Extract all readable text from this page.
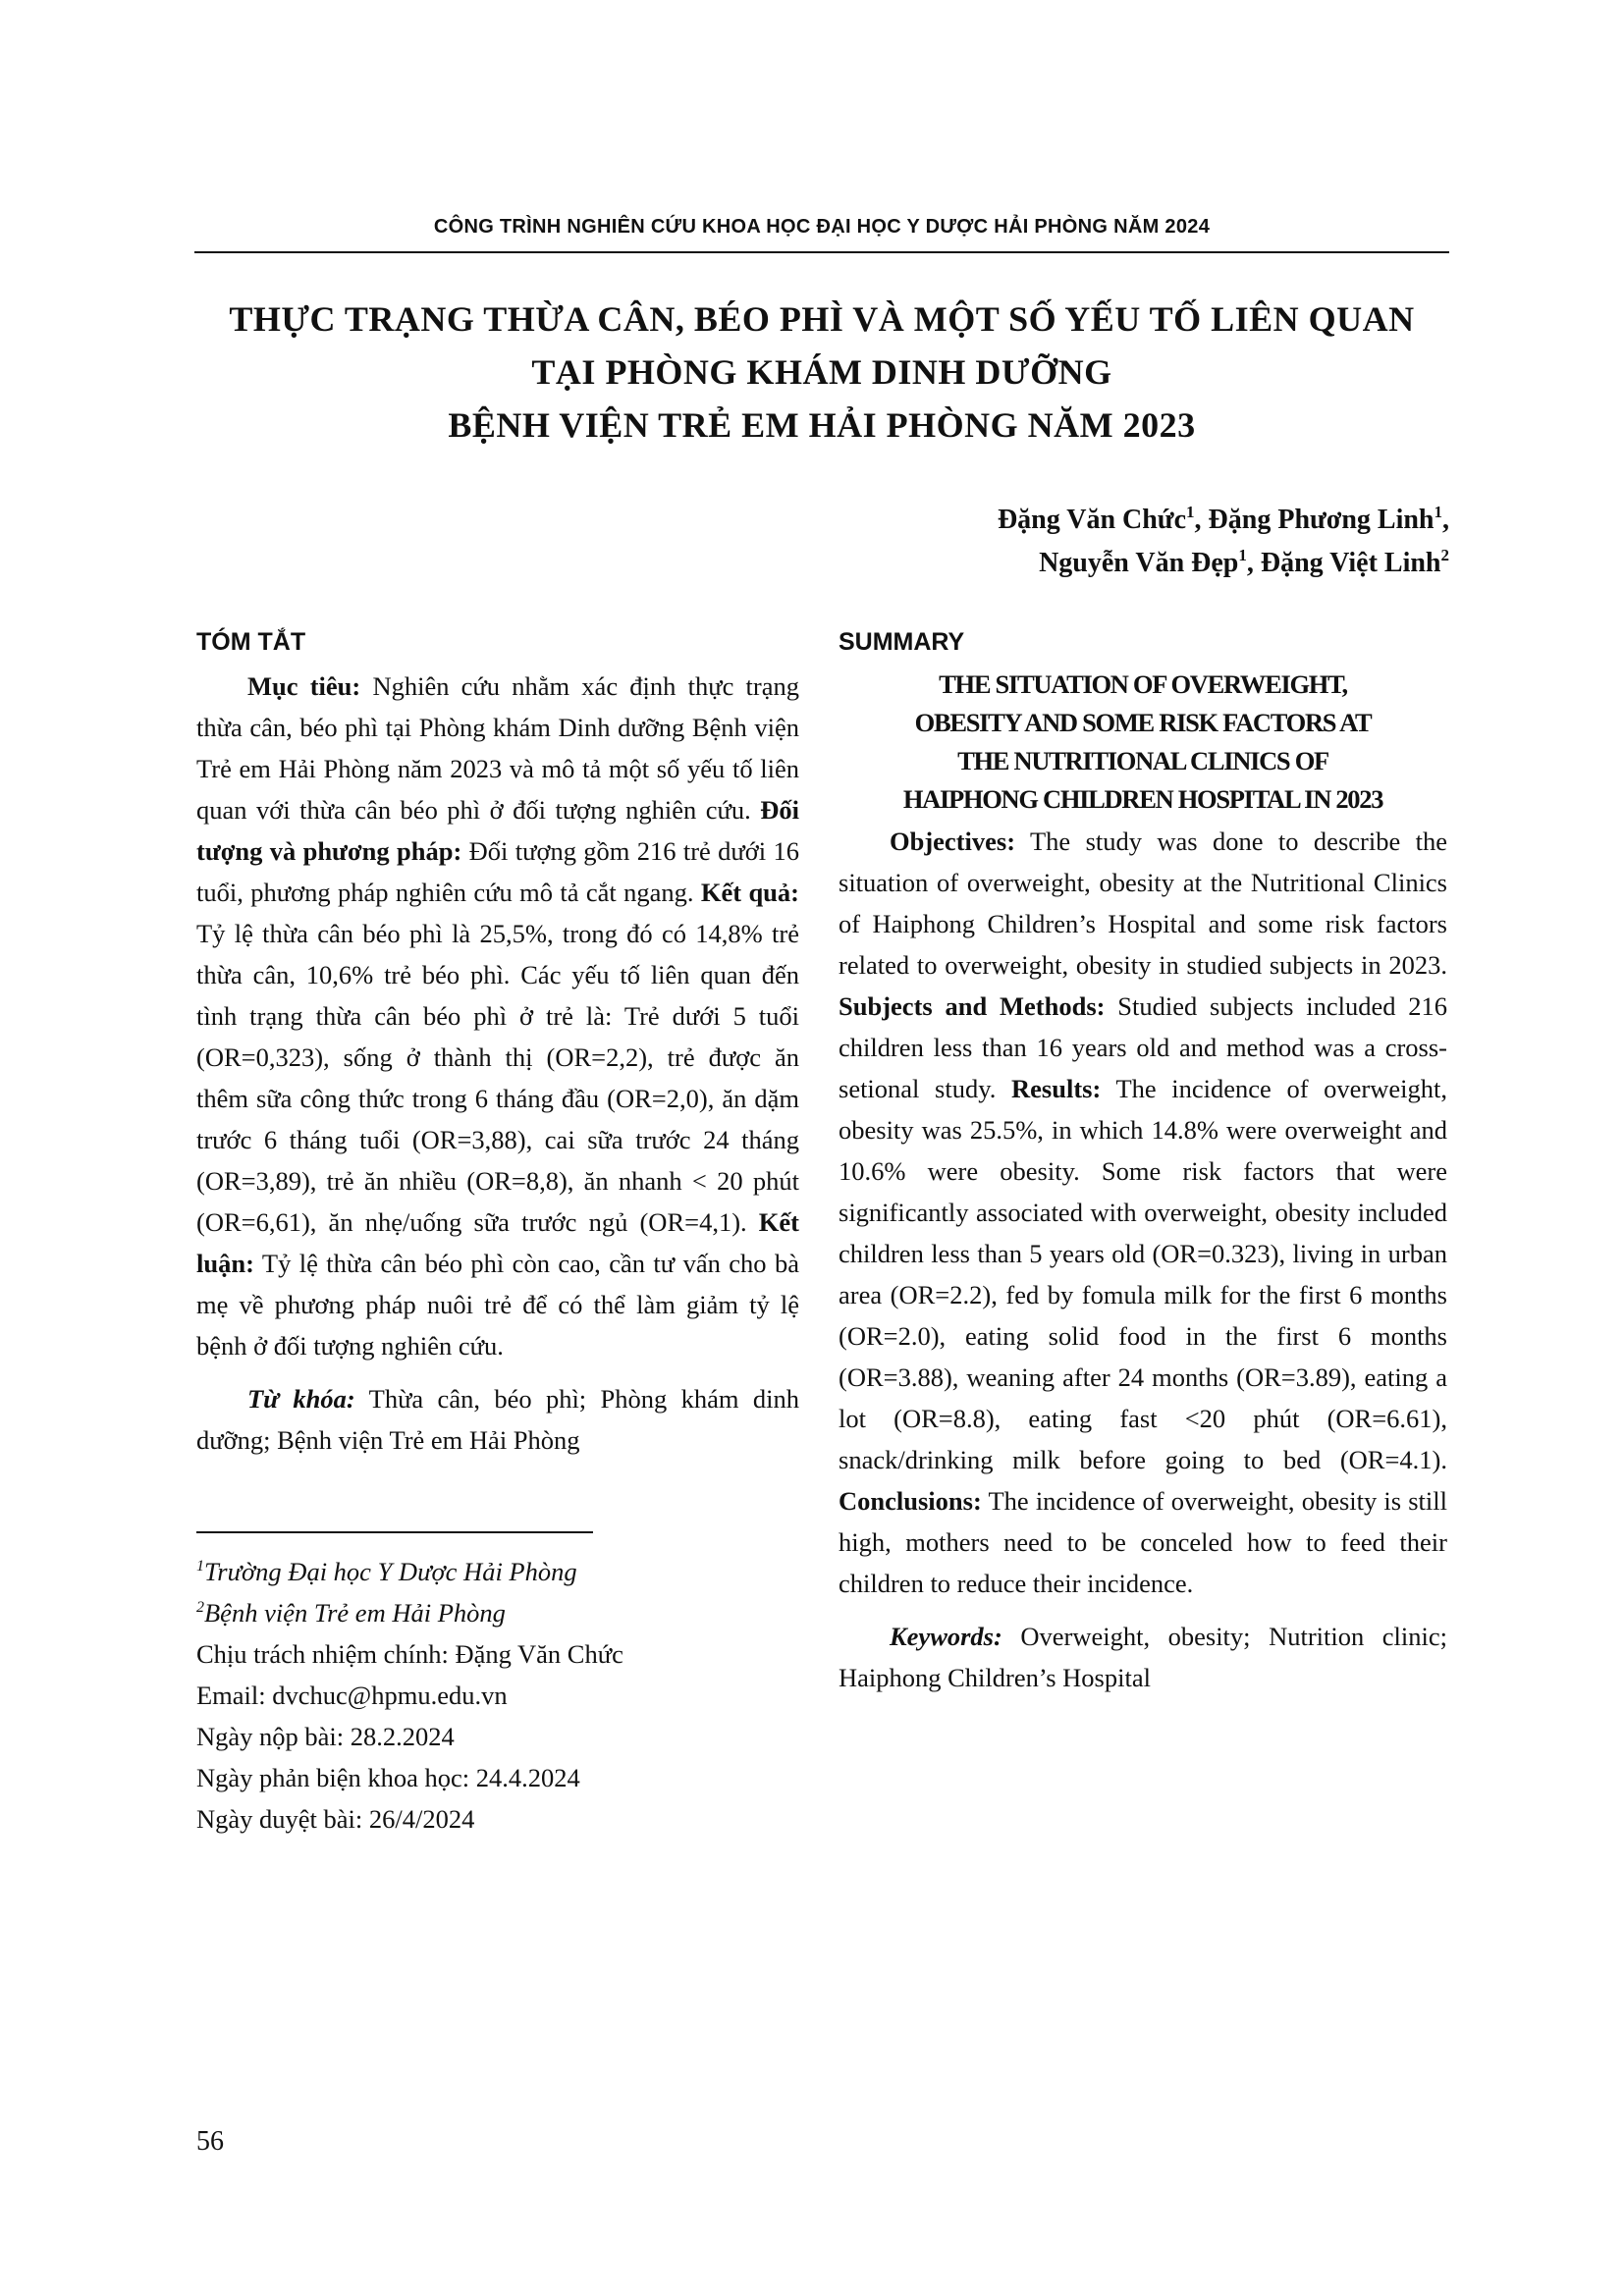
CÔNG TRÌNH NGHIÊN CỨU KHOA HỌC ĐẠI HỌC Y DƯỢC HẢI PHÒNG NĂM 2024
THỰC TRẠNG THỪA CÂN, BÉO PHÌ VÀ MỘT SỐ YẾU TỐ LIÊN QUAN
TẠI PHÒNG KHÁM DINH DƯỠNG
BỆNH VIỆN TRẺ EM HẢI PHÒNG NĂM 2023
Đặng Văn Chức$^1$, Đặng Phương Linh$^1$,
Nguyễn Văn Đẹp$^1$, Đặng Việt Linh$^2$
TÓM TẮT

Mục tiêu: Nghiên cứu nhằm xác định thực trạng thừa cân, béo phì tại Phòng khám Dinh dưỡng Bệnh viện Trẻ em Hải Phòng năm 2023 và mô tả một số yếu tố liên quan với thừa cân béo phì ở đối tượng nghiên cứu. Đối tượng và phương pháp: Đối tượng gồm 216 trẻ dưới 16 tuổi, phương pháp nghiên cứu mô tả cắt ngang. Kết quả: Tỷ lệ thừa cân béo phì là 25,5%, trong đó có 14,8% trẻ thừa cân, 10,6% trẻ béo phì. Các yếu tố liên quan đến tình trạng thừa cân béo phì ở trẻ là: Trẻ dưới 5 tuổi (OR=0,323), sống ở thành thị (OR=2,2), trẻ được ăn thêm sữa công thức trong 6 tháng đầu (OR=2,0), ăn dặm trước 6 tháng tuổi (OR=3,88), cai sữa trước 24 tháng (OR=3,89), trẻ ăn nhiều (OR=8,8), ăn nhanh < 20 phút (OR=6,61), ăn nhẹ/uống sữa trước ngủ (OR=4,1). Kết luận: Tỷ lệ thừa cân béo phì còn cao, cần tư vấn cho bà mẹ về phương pháp nuôi trẻ để có thể làm giảm tỷ lệ bệnh ở đối tượng nghiên cứu.

Từ khóa: Thừa cân, béo phì; Phòng khám dinh dưỡng; Bệnh viện Trẻ em Hải Phòng

$^1$Trường Đại học Y Dược Hải Phòng
$^2$Bệnh viện Trẻ em Hải Phòng
Chịu trách nhiệm chính: Đặng Văn Chức
Email: dvchuc@hpmu.edu.vn
Ngày nộp bài: 28.2.2024
Ngày phản biện khoa học: 24.4.2024
Ngày duyệt bài: 26/4/2024
SUMMARY
THE SITUATION OF OVERWEIGHT,
OBESITY AND SOME RISK FACTORS AT
THE NUTRITIONAL CLINICS OF
HAIPHONG CHILDREN HOSPITAL IN 2023

Objectives: The study was done to describe the situation of overweight, obesity at the Nutritional Clinics of Haiphong Children’s Hospital and some risk factors related to overweight, obesity in studied subjects in 2023. Subjects and Methods: Studied subjects included 216 children less than 16 years old and method was a cross-setional study. Results: The incidence of overweight, obesity was 25.5%, in which 14.8% were overweight and 10.6% were obesity. Some risk factors that were significantly associated with overweight, obesity included children less than 5 years old (OR=0.323), living in urban area (OR=2.2), fed by fomula milk for the first 6 months (OR=2.0), eating solid food in the first 6 months (OR=3.88), weaning after 24 months (OR=3.89), eating a lot (OR=8.8), eating fast <20 phút (OR=6.61), snack/drinking milk before going to bed (OR=4.1). Conclusions: The incidence of overweight, obesity is still high, mothers need to be conceled how to feed their children to reduce their incidence.

Keywords: Overweight, obesity; Nutrition clinic; Haiphong Children’s Hospital

56
